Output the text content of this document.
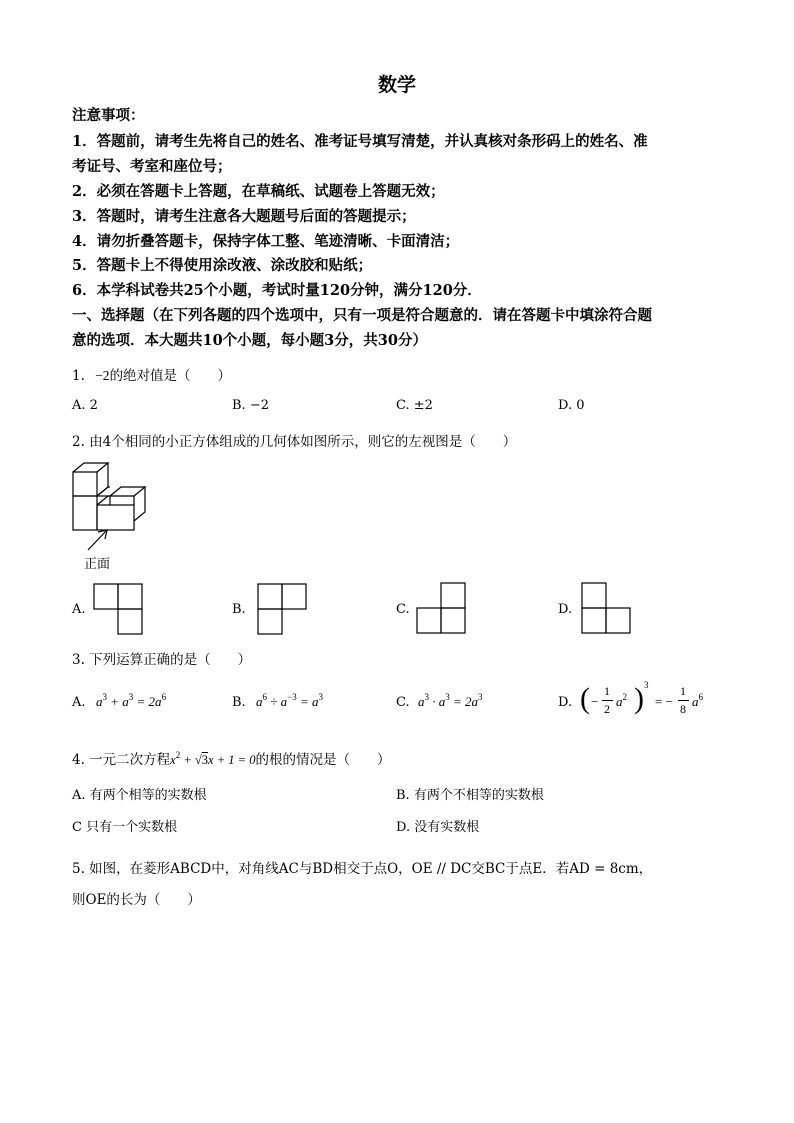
数学
注意事项：
1．答题前，请考生先将自己的姓名、准考证号填写清楚，并认真核对条形码上的姓名、准
考证号、考室和座位号；
2．必须在答题卡上答题，在草稿纸、试题卷上答题无效；
3．答题时，请考生注意各大题题号后面的答题提示；
4．请勿折叠答题卡，保持字体工整、笔迹清晰、卡面清洁；
5．答题卡上不得使用涂改液、涂改胶和贴纸；
6．本学科试卷共25个小题，考试时量120分钟，满分120分．
一、选择题（在下列各题的四个选项中，只有一项是符合题意的．请在答题卡中填涂符合题
意的选项．本大题共10个小题，每小题3分，共30分）
1. −2的绝对值是（　　）
A. 2	B. −2	C. ±2	D. 0
2. 由4个相同的小正方体组成的几何体如图所示，则它的左视图是（　　）
正面
A.	B.	C.	D.
3. 下列运算正确的是（　　）
A. $a^3 + a^3 = 2a^6$	B. $a^6 \div a^{-3} = a^3$	C. $a^3 \cdot a^3 = 2a^3$	D. ( −
1
2 $a^2$ ) 3
= −
1
8 $a^6$
4. 一元二次方程$x^2 + √3x + 1 = 0$的根的情况是（　　）
A. 有两个相等的实数根	B. 有两个不相等的实数根
C 只有一个实数根	D. 没有实数根
5. 如图，在菱形ABCD中，对角线AC与BD相交于点O，OE // DC交BC于点E．若AD = 8cm，
则OE的长为（　　）
